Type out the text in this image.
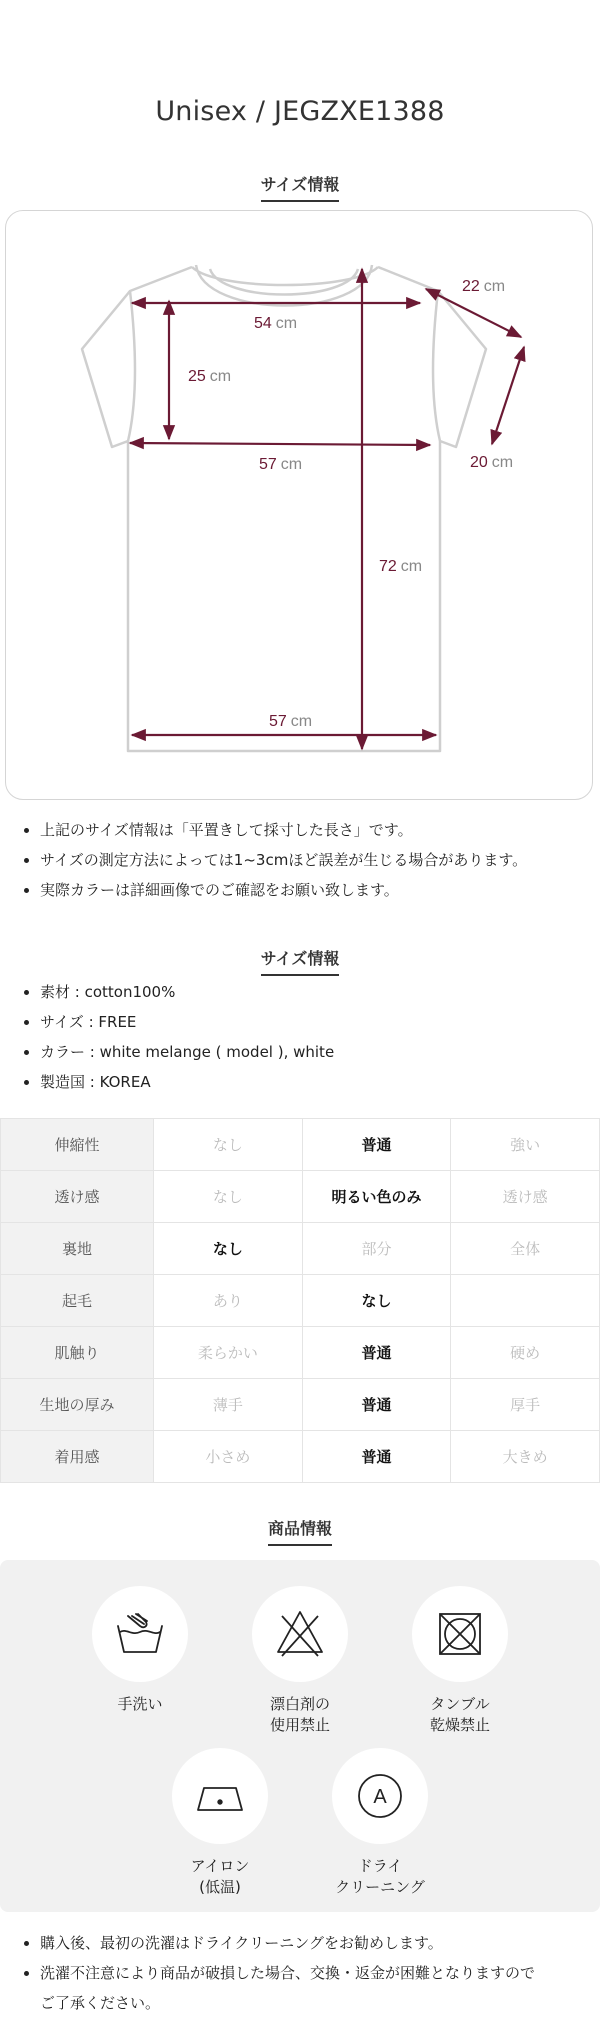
Unisex / JEGZXE1388
サイズ情報
54 cm
22 cm
25 cm
57 cm	20 cm
72 cm
57 cm
上記のサイズ情報は「平置きして採寸した長さ」です。
サイズの測定方法によっては1~3cmほど誤差が生じる場合があります。
実際カラーは詳細画像でのご確認をお願い致します。
サイズ情報
素材 : cotton100%
サイズ : FREE
カラー : white melange ( model ), white
製造国 : KOREA
伸縮性	なし	普通	強い
透け感	なし	明るい色のみ	透け感
裏地	なし	部分	全体
起毛	あり	なし	
肌触り	柔らかい	普通	硬め
生地の厚み	薄手	普通	厚手
着用感	小さめ	普通	大きめ
商品情報
手洗い	漂白剤の
使用禁止
タンブル
乾燥禁止
アイロン
(低温)
A
ドライ
クリーニング
購入後、最初の洗濯はドライクリーニングをお勧めします。
洗濯不注意により商品が破損した場合、交換・返金が困難となりますので
ご了承ください。
